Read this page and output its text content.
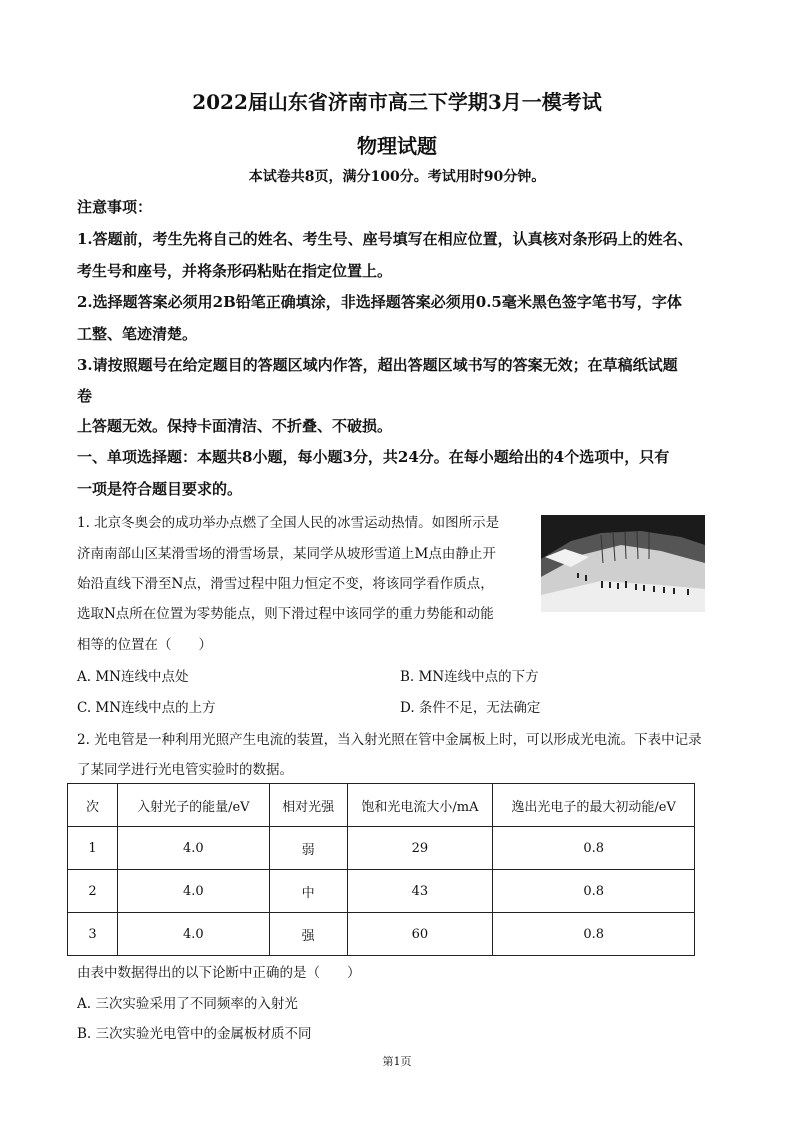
2022届山东省济南市高三下学期3月一模考试
物理试题
本试卷共8页，满分100分。考试用时90分钟。
注意事项：
1.答题前，考生先将自己的姓名、考生号、座号填写在相应位置，认真核对条形码上的姓名、
考生号和座号，并将条形码粘贴在指定位置上。
2.选择题答案必须用2B铅笔正确填涂，非选择题答案必须用0.5毫米黑色签字笔书写，字体
工整、笔迹清楚。
3.请按照题号在给定题目的答题区域内作答，超出答题区域书写的答案无效；在草稿纸试题
卷
上答题无效。保持卡面清洁、不折叠、不破损。
一、单项选择题：本题共8小题，每小题3分，共24分。在每小题给出的4个选项中，只有
一项是符合题目要求的。
1. 北京冬奥会的成功举办点燃了全国人民的冰雪运动热情。如图所示是
济南南部山区某滑雪场的滑雪场景，某同学从坡形雪道上M点由静止开
始沿直线下滑至N点，滑雪过程中阻力恒定不变，将该同学看作质点，
选取N点所在位置为零势能点，则下滑过程中该同学的重力势能和动能
相等的位置在（　　）
A. MN连线中点处	B. MN连线中点的下方
C. MN连线中点的上方	D. 条件不足，无法确定
2. 光电管是一种利用光照产生电流的装置，当入射光照在管中金属板上时，可以形成光电流。下表中记录
了某同学进行光电管实验时的数据。
次	入射光子的能量/eV	相对光强	饱和光电流大小/mA	逸出光电子的最大初动能/eV
1	4.0	弱	29	0.8
2	4.0	中	43	0.8
3	4.0	强	60	0.8
由表中数据得出的以下论断中正确的是（　　）
A. 三次实验采用了不同频率的入射光
B. 三次实验光电管中的金属板材质不同
第1页
